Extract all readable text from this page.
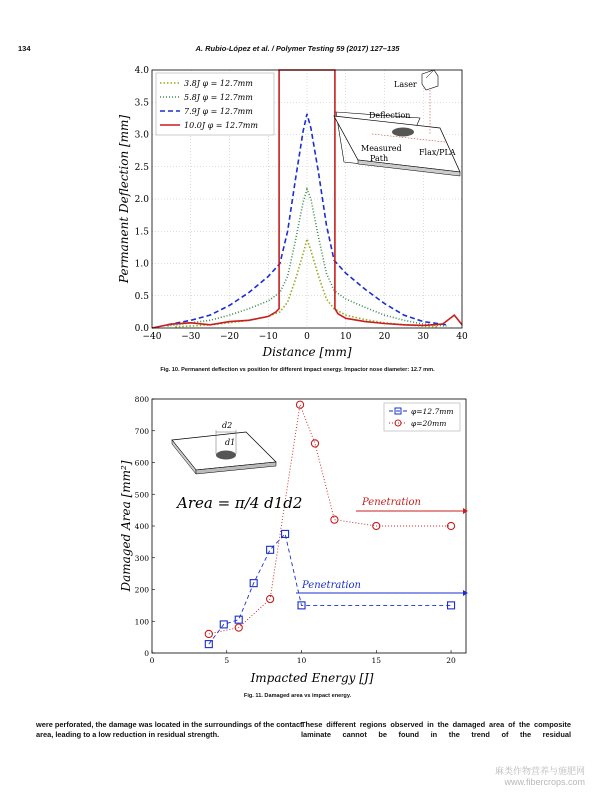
134	A. Rubio-López et al. / Polymer Testing 59 (2017) 127–135
−40 −30 −20 −10	0	10	20	30	40
0.0
0.5
1.0
1.5
2.0
2.5
3.0
3.5
4.0
Distance [mm]
Permanent Deflection [mm]
3.8J φ = 12.7mm
5.8J φ = 12.7mm
7.9J φ = 12.7mm
10.0J φ = 12.7mm
Laser
Deflection
Measured
Path
Flax/PLA
Fig. 10. Permanent deflection vs position for different impact energy. Impactor nose diameter: 12.7 mm.
0	5	10	15	20
0
100
200
300
400
500
600
700
800
Impacted Energy [J]
Damaged Area [mm²]
φ=12.7mm
φ=20mm
d2
d1
Area = π/4 d1d2	Penetration
Penetration
Fig. 11. Damaged area vs impact energy.
were perforated, the damage was located in the surroundings of the contact area, leading to a low reduction in residual strength.
These different regions observed in the damaged area of the composite laminate cannot be found in the trend of the residual
麻类作物营养与施肥网
www.fibercrops.com
